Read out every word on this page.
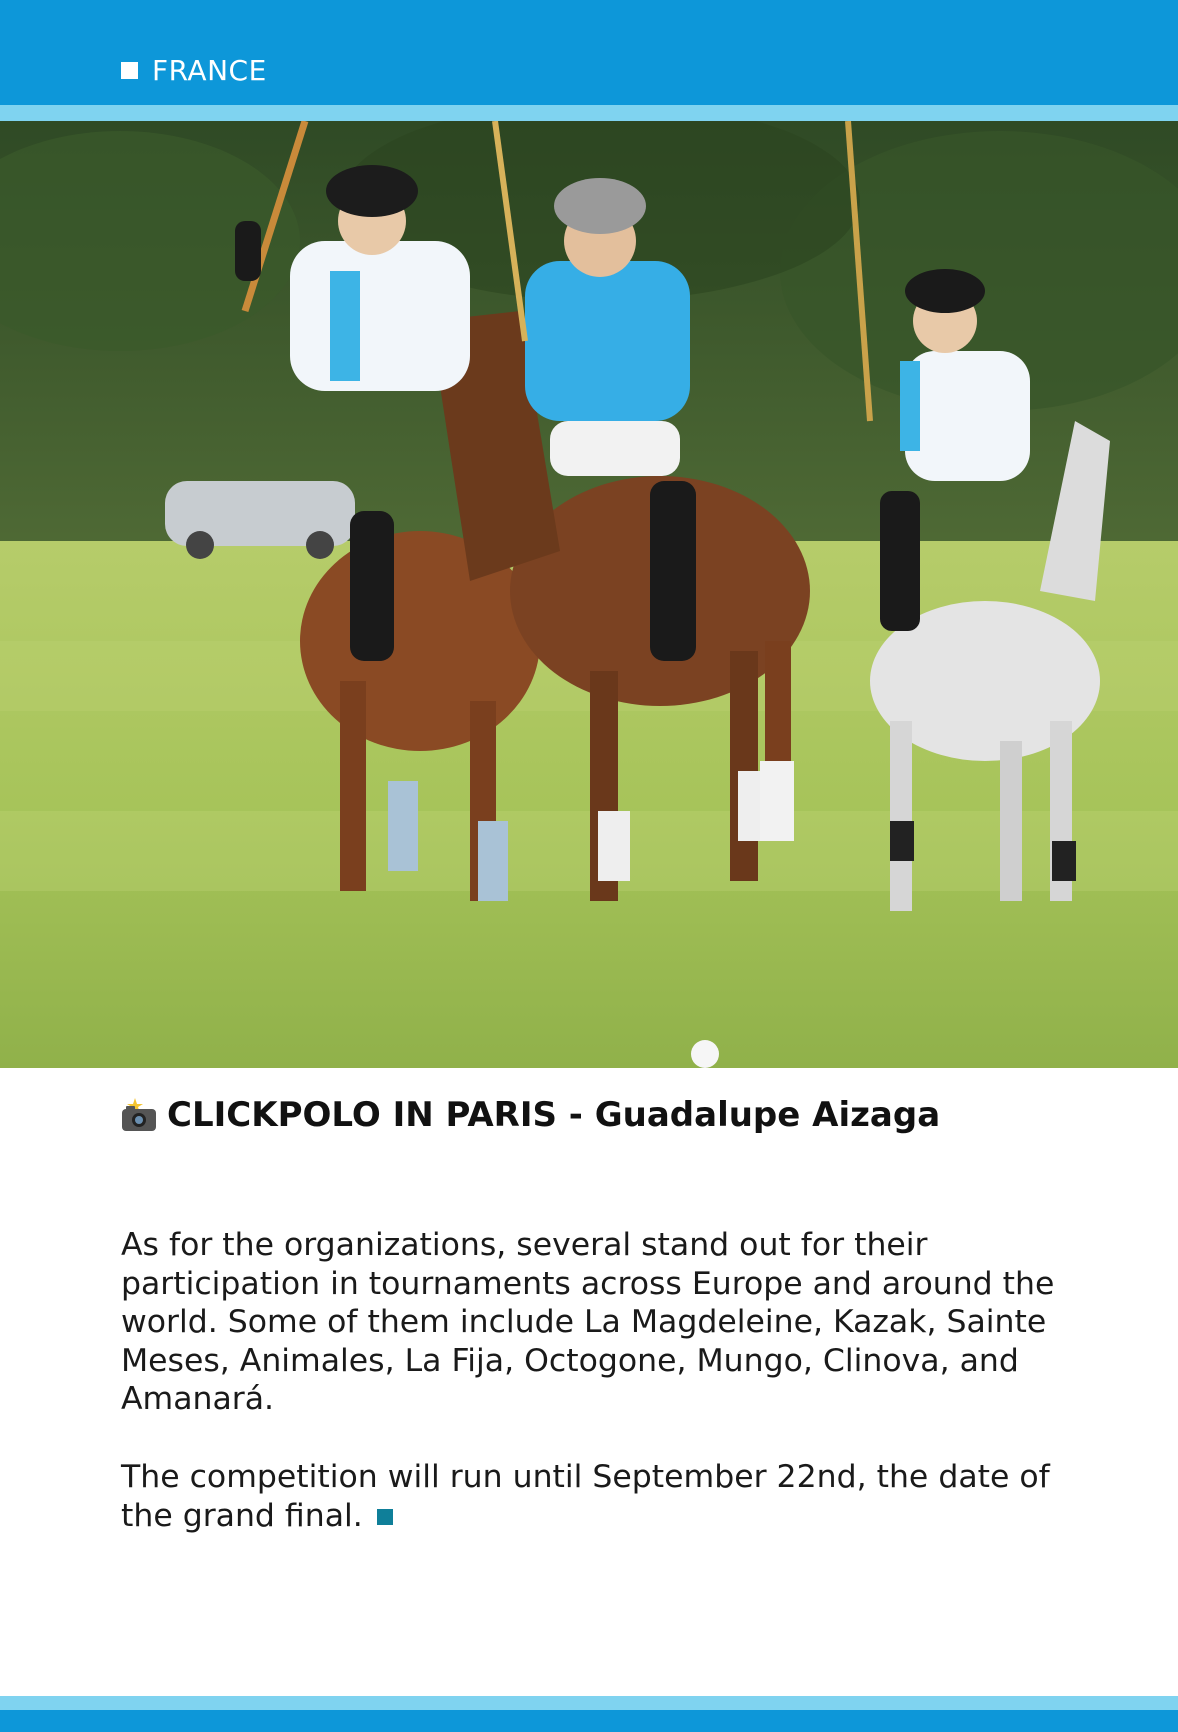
FRANCE
CLICKPOLO IN PARIS - Guadalupe Aizaga

As for the organizations, several stand out for their participation in tournaments across Europe and around the world. Some of them include La Magdeleine, Kazak, Sainte Meses, Animales, La Fija, Octogone, Mungo, Clinova, and Amanará.

The competition will run until September 22nd, the date of the grand final.
